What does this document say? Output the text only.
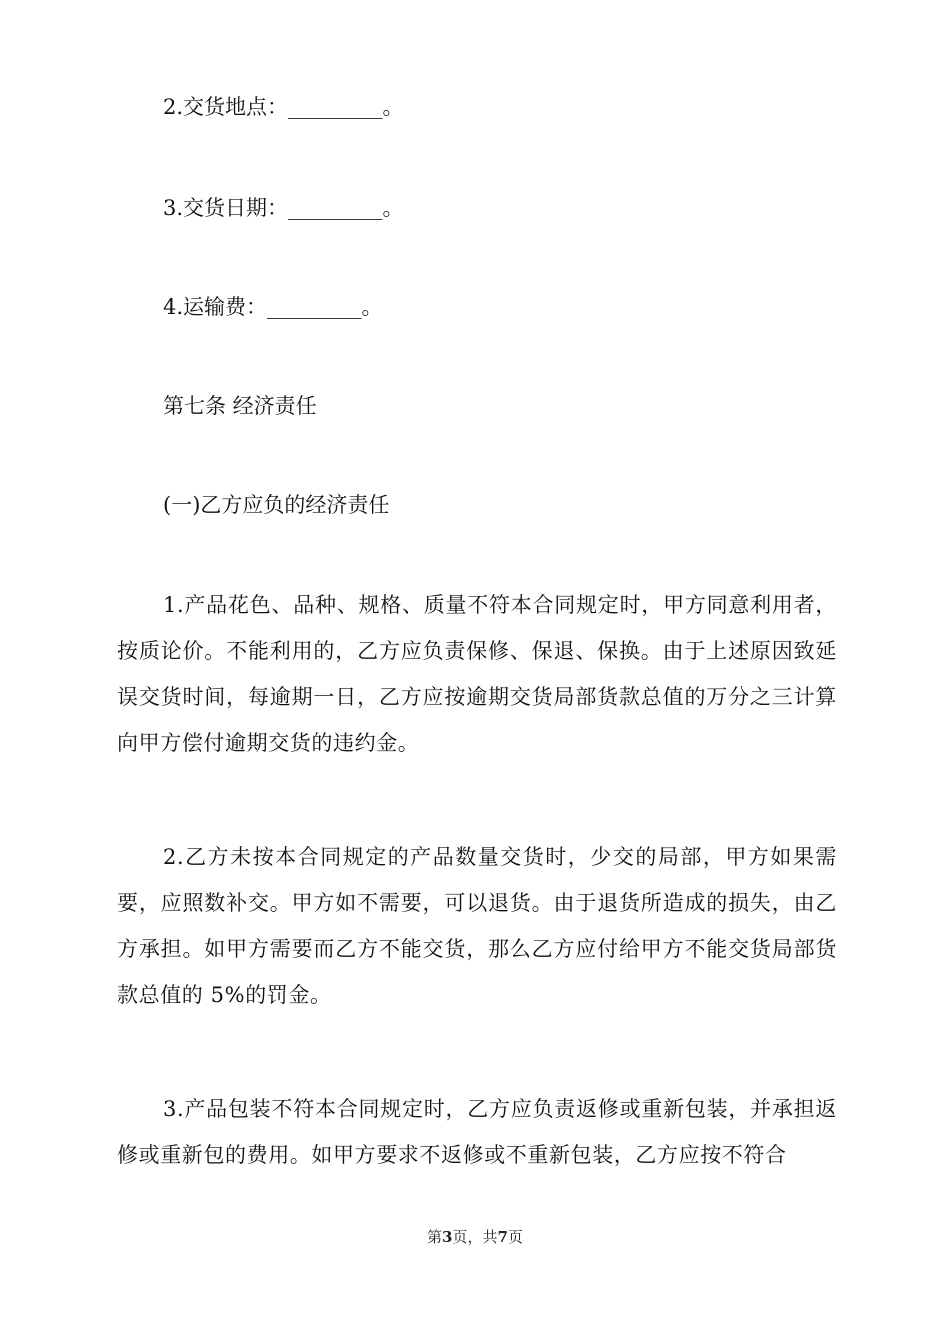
2.交货地点：_________。
3.交货日期：_________。
4.运输费：_________。
第七条 经济责任
(一)乙方应负的经济责任
1.产品花色、品种、规格、质量不符本合同规定时，甲方同意利用者，按质论价。不能利用的，乙方应负责保修、保退、保换。由于上述原因致延误交货时间，每逾期一日，乙方应按逾期交货局部货款总值的万分之三计算向甲方偿付逾期交货的违约金。
2.乙方未按本合同规定的产品数量交货时，少交的局部，甲方如果需要，应照数补交。甲方如不需要，可以退货。由于退货所造成的损失，由乙方承担。如甲方需要而乙方不能交货，那么乙方应付给甲方不能交货局部货款总值的 5%的罚金。
3.产品包装不符本合同规定时，乙方应负责返修或重新包装，并承担返修或重新包的费用。如甲方要求不返修或不重新包装，乙方应按不符合
第3页，共7页
